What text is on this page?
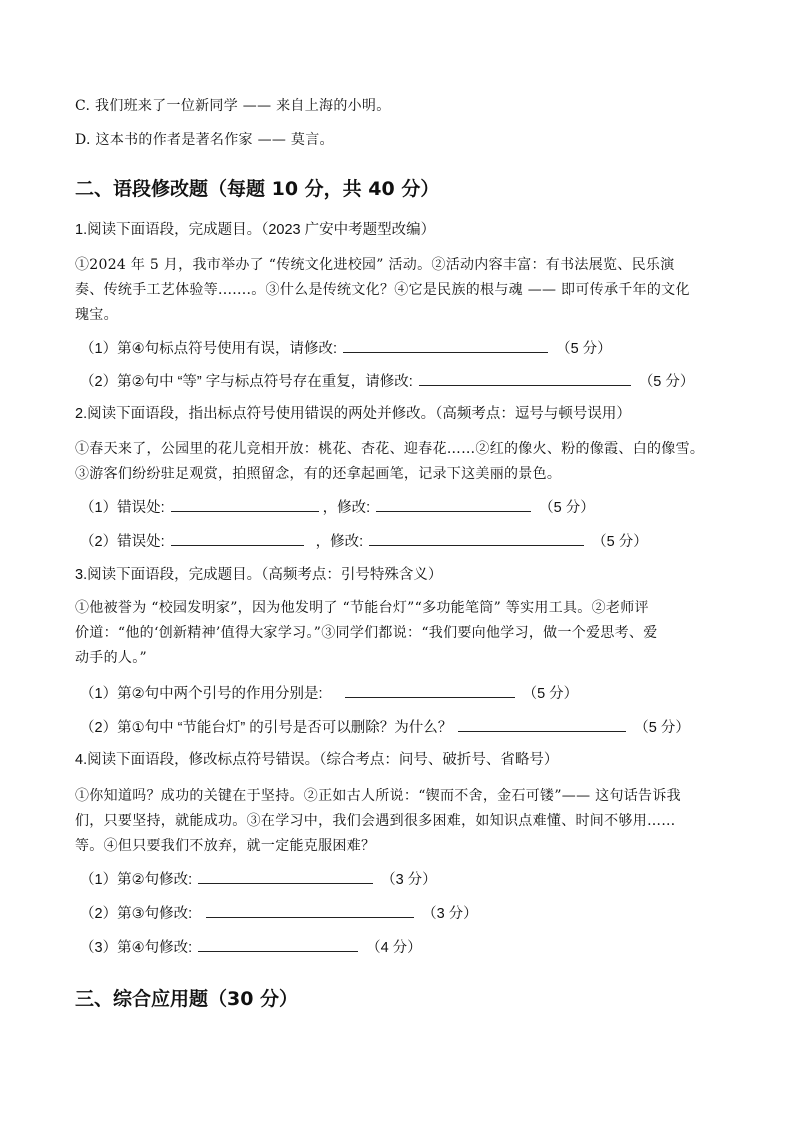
C. 我们班来了一位新同学 —— 来自上海的小明。
D. 这本书的作者是著名作家 —— 莫言。
二、语段修改题（每题 10 分，共 40 分）
1.阅读下面语段，完成题目。（2023 广安中考题型改编）
①2024 年 5 月，我市举办了 “传统文化进校园” 活动。②活动内容丰富：有书法展览、民乐演
奏、传统手工艺体验等.......。③什么是传统文化？④它是民族的根与魂 —— 即可传承千年的文化
瑰宝。
（1）第④句标点符号使用有误，请修改:	（5 分）
（2）第②句中 “等” 字与标点符号存在重复，请修改:	（5 分）
2.阅读下面语段，指出标点符号使用错误的两处并修改。（高频考点：逗号与顿号误用）
①春天来了，公园里的花儿竞相开放：桃花、杏花、迎春花……②红的像火、粉的像霞、白的像雪。
③游客们纷纷驻足观赏，拍照留念，有的还拿起画笔，记录下这美丽的景色。
（1）错误处:	，修改:	（5 分）
（2）错误处:	，修改:	（5 分）
3.阅读下面语段，完成题目。（高频考点：引号特殊含义）
①他被誉为 “校园发明家”，因为他发明了 “节能台灯”“多功能笔筒” 等实用工具。②老师评
价道：“他的‘创新精神’值得大家学习。”③同学们都说：“我们要向他学习，做一个爱思考、爱
动手的人。”
（1）第②句中两个引号的作用分别是:	（5 分）
（2）第①句中 “节能台灯” 的引号是否可以删除？为什么？	（5 分）
4.阅读下面语段，修改标点符号错误。（综合考点：问号、破折号、省略号）
①你知道吗？成功的关键在于坚持。②正如古人所说：“锲而不舍，金石可镂”—— 这句话告诉我
们，只要坚持，就能成功。③在学习中，我们会遇到很多困难，如知识点难懂、时间不够用……
等。④但只要我们不放弃，就一定能克服困难？
（1）第②句修改:	（3 分）
（2）第③句修改:	（3 分）
（3）第④句修改:	（4 分）
三、综合应用题（30 分）
